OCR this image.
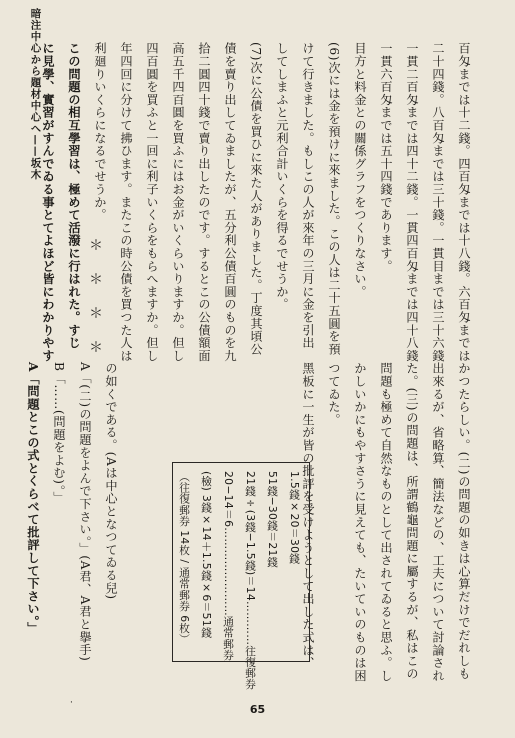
暗注中心から題材中心へ——坂木	百匁までは十二錢。四百匁までは十八錢。六百匁までは
二十四錢。八百匁までは三十錢。一貫目までは三十六錢
一貫二百匁までは四十二錢。一貫四百匁までは四十八錢
一貫六百匁までは五十四錢であります。
目方と料金との關係グラフをつくりなさい。
(6)次には金を預けに來ました。この人は二十五圓を預
けて行きました。もしこの人が來年の三月に金を引出
してしまふと元利合計いくらを得るでせうか。
(7)次に公債を買ひに來た人がありました。丁度其頃公
債を賣り出してゐましたが、五分利公債百圓のものを九
拾二圓四十錢で賣り出したのです。するとこの公債額面
高五千四百圓を買ふにはお金がいくらいりますか。但し
四百圓を買ふと一回に利子いくらをもらへますか。但し
年四回に分けて拂ひます。またこの時公債を買つた人は
利廻りいくらになるでせうか。
この問題の相互學習は、極めて活潑に行はれた。すじ
に見學、實習がすんでゐる事とてよほど皆にわかりやす	＊＊＊＊
かつたらしい。(二)の問題の如きは心算だけでだれしも
出來るが、省略算、簡法などの、工夫について討論され
た。(三)の問題は、所謂鶴龜問題に屬するが、私はこの
問題も極めて自然なものとして出されてゐると思ふ。し
かしいかにもやすさうに見えても、たいていのものは困
つてゐた。
黑板に一生が皆の批評を受けようとして出した式は、
1.5錢×20＝30錢
51錢−30錢＝21錢
21錢÷(3錢−1.5錢)＝14…………往復郵券
20−14＝6……………………通常郵券
(檢) 3錢×14＋1.5錢×6＝51錢
（往復郵券 14枚 / 通常郵券 6枚）
の如くである。(Aは中心となつてゐる兒)
A「(二)の問題をよんで下さい。」(A君、A君と擧手)
B「……(問題をよむ)。」
A「問題とこの式とくらべて批評して下さい。」
·	65
